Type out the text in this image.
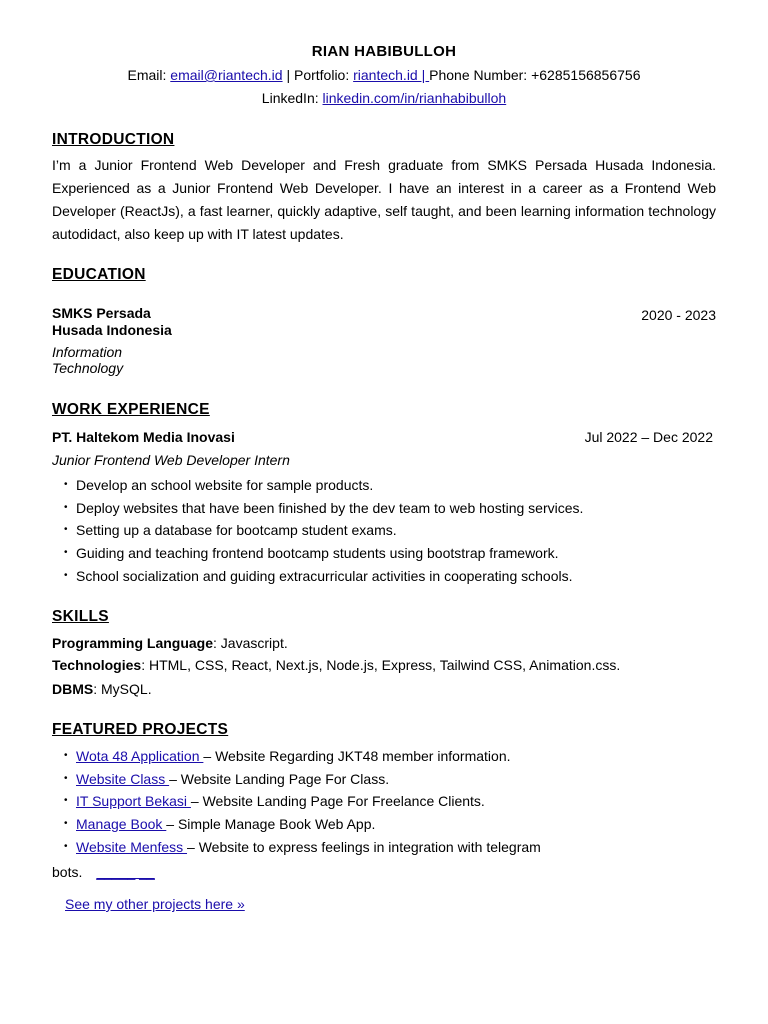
RIAN HABIBULLOH
Email: email@riantech.id | Portfolio: riantech.id | Phone Number: +6285156856756
LinkedIn: linkedin.com/in/rianhabibulloh
INTRODUCTION
I’m a Junior Frontend Web Developer and Fresh graduate from SMKS Persada Husada Indonesia. Experienced as a Junior Frontend Web Developer. I have an interest in a career as a Frontend Web Developer (ReactJs), a fast learner, quickly adaptive, self taught, and been learning information technology autodidact, also keep up with IT latest updates.
EDUCATION
SMKS Persada
Husada Indonesia
2020 - 2023
Information
Technology
WORK EXPERIENCE
PT. Haltekom Media Inovasi	Jul 2022 – Dec 2022
Junior Frontend Web Developer Intern
• Develop an school website for sample products.
• Deploy websites that have been finished by the dev team to web hosting services.
• Setting up a database for bootcamp student exams.
• Guiding and teaching frontend bootcamp students using bootstrap framework.
• School socialization and guiding extracurricular activities in cooperating schools.
SKILLS
Programming Language: Javascript.
Technologies: HTML, CSS, React, Next.js, Node.js, Express, Tailwind CSS, Animation.css.
DBMS: MySQL.
FEATURED PROJECTS
• Wota 48 Application – Website Regarding JKT48 member information.
• Website Class – Website Landing Page For Class.
• IT Support Bekasi – Website Landing Page For Freelance Clients.
• Manage Book – Simple Manage Book Web App.
• Website Menfess – Website to express feelings in integration with telegram
bots. _____ __
See my other projects here »
